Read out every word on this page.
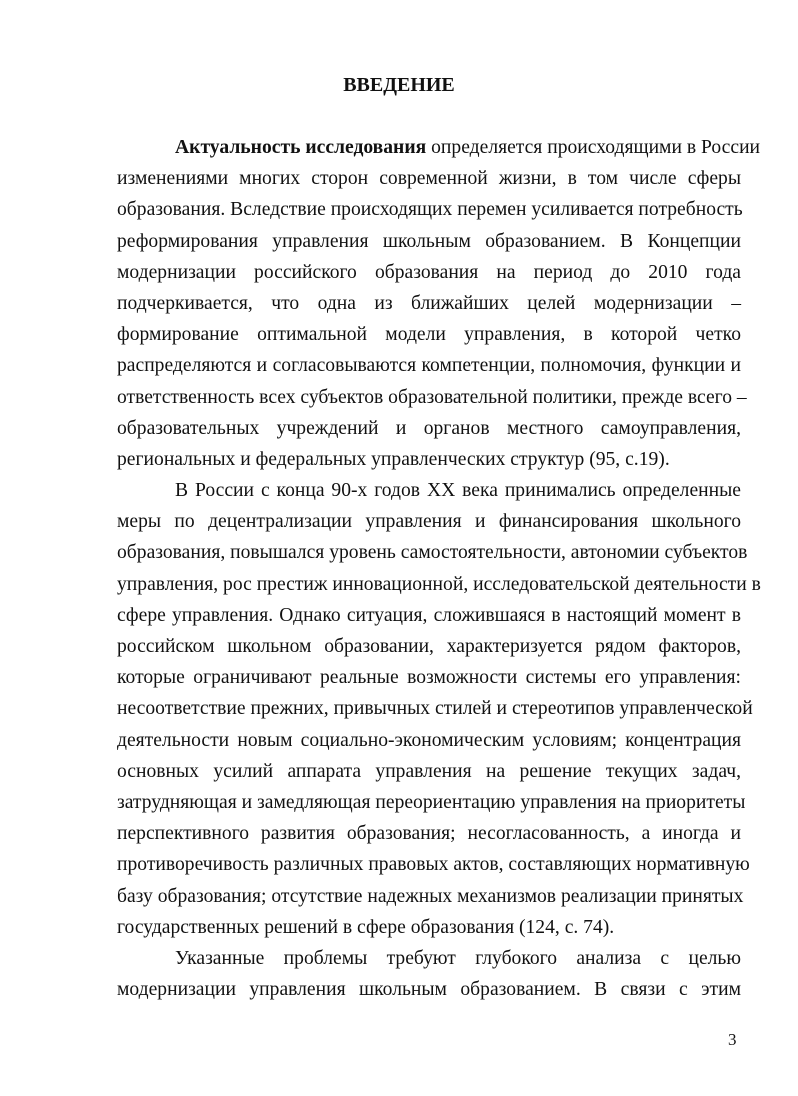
ВВЕДЕНИЕ
Актуальность исследования определяется происходящими в России
изменениями многих сторон современной жизни, в том числе сферы
образования. Вследствие происходящих перемен усиливается потребность
реформирования управления школьным образованием. В Концепции
модернизации российского образования на период до 2010 года
подчеркивается, что одна из ближайших целей модернизации –
формирование оптимальной модели управления, в которой четко
распределяются и согласовываются компетенции, полномочия, функции и
ответственность всех субъектов образовательной политики, прежде всего –
образовательных учреждений и органов местного самоуправления,
региональных и федеральных управленческих структур (95, с.19).
В России с конца 90-х годов XX века принимались определенные
меры по децентрализации управления и финансирования школьного
образования, повышался уровень самостоятельности, автономии субъектов
управления, рос престиж инновационной, исследовательской деятельности в
сфере управления. Однако ситуация, сложившаяся в настоящий момент в
российском школьном образовании, характеризуется рядом факторов,
которые ограничивают реальные возможности системы его управления:
несоответствие прежних, привычных стилей и стереотипов управленческой
деятельности новым социально-экономическим условиям; концентрация
основных усилий аппарата управления на решение текущих задач,
затрудняющая и замедляющая переориентацию управления на приоритеты
перспективного развития образования; несогласованность, а иногда и
противоречивость различных правовых актов, составляющих нормативную
базу образования; отсутствие надежных механизмов реализации принятых
государственных решений в сфере образования (124, с. 74).
Указанные проблемы требуют глубокого анализа с целью
модернизации управления школьным образованием. В связи с этим
3
